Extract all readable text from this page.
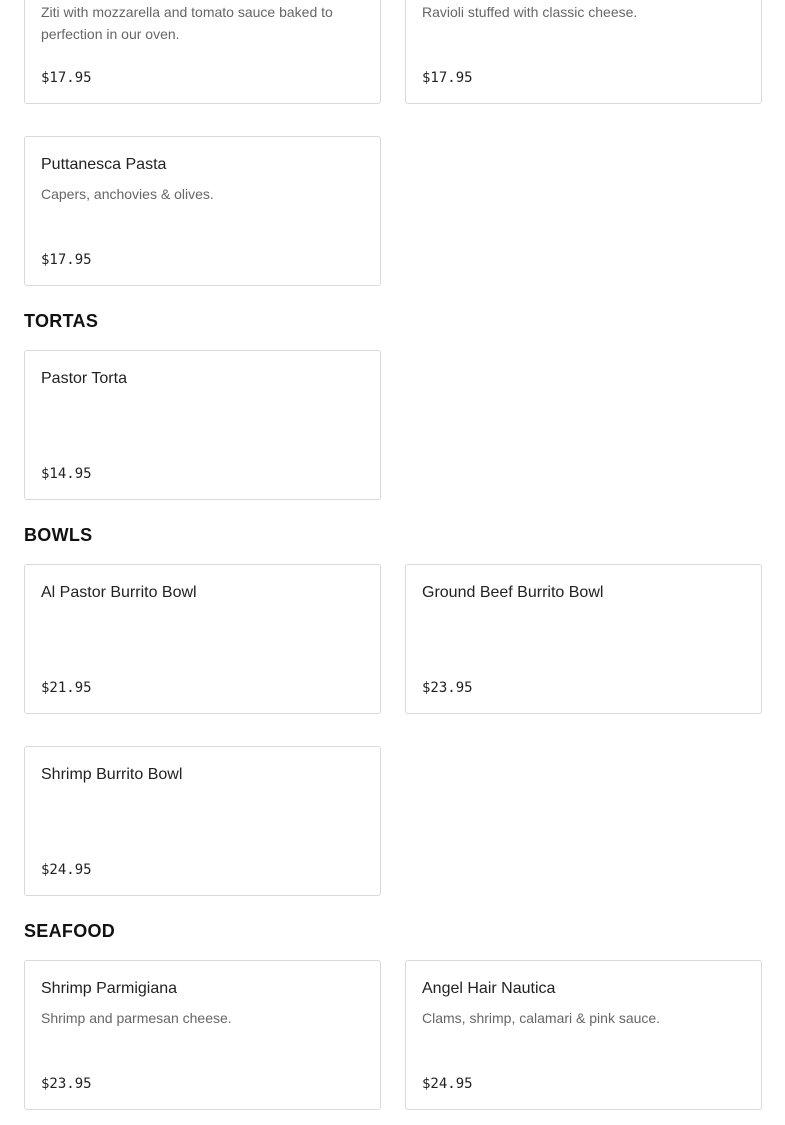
Ziti with mozzarella and tomato sauce baked to perfection in our oven.
$17.95
Ravioli stuffed with classic cheese.
$17.95
Puttanesca Pasta
Capers, anchovies & olives.
$17.95
TORTAS
Pastor Torta
$14.95
BOWLS
Al Pastor Burrito Bowl
$21.95
Ground Beef Burrito Bowl
$23.95
Shrimp Burrito Bowl
$24.95
SEAFOOD
Shrimp Parmigiana
Shrimp and parmesan cheese.
$23.95
Angel Hair Nautica
Clams, shrimp, calamari & pink sauce.
$24.95
